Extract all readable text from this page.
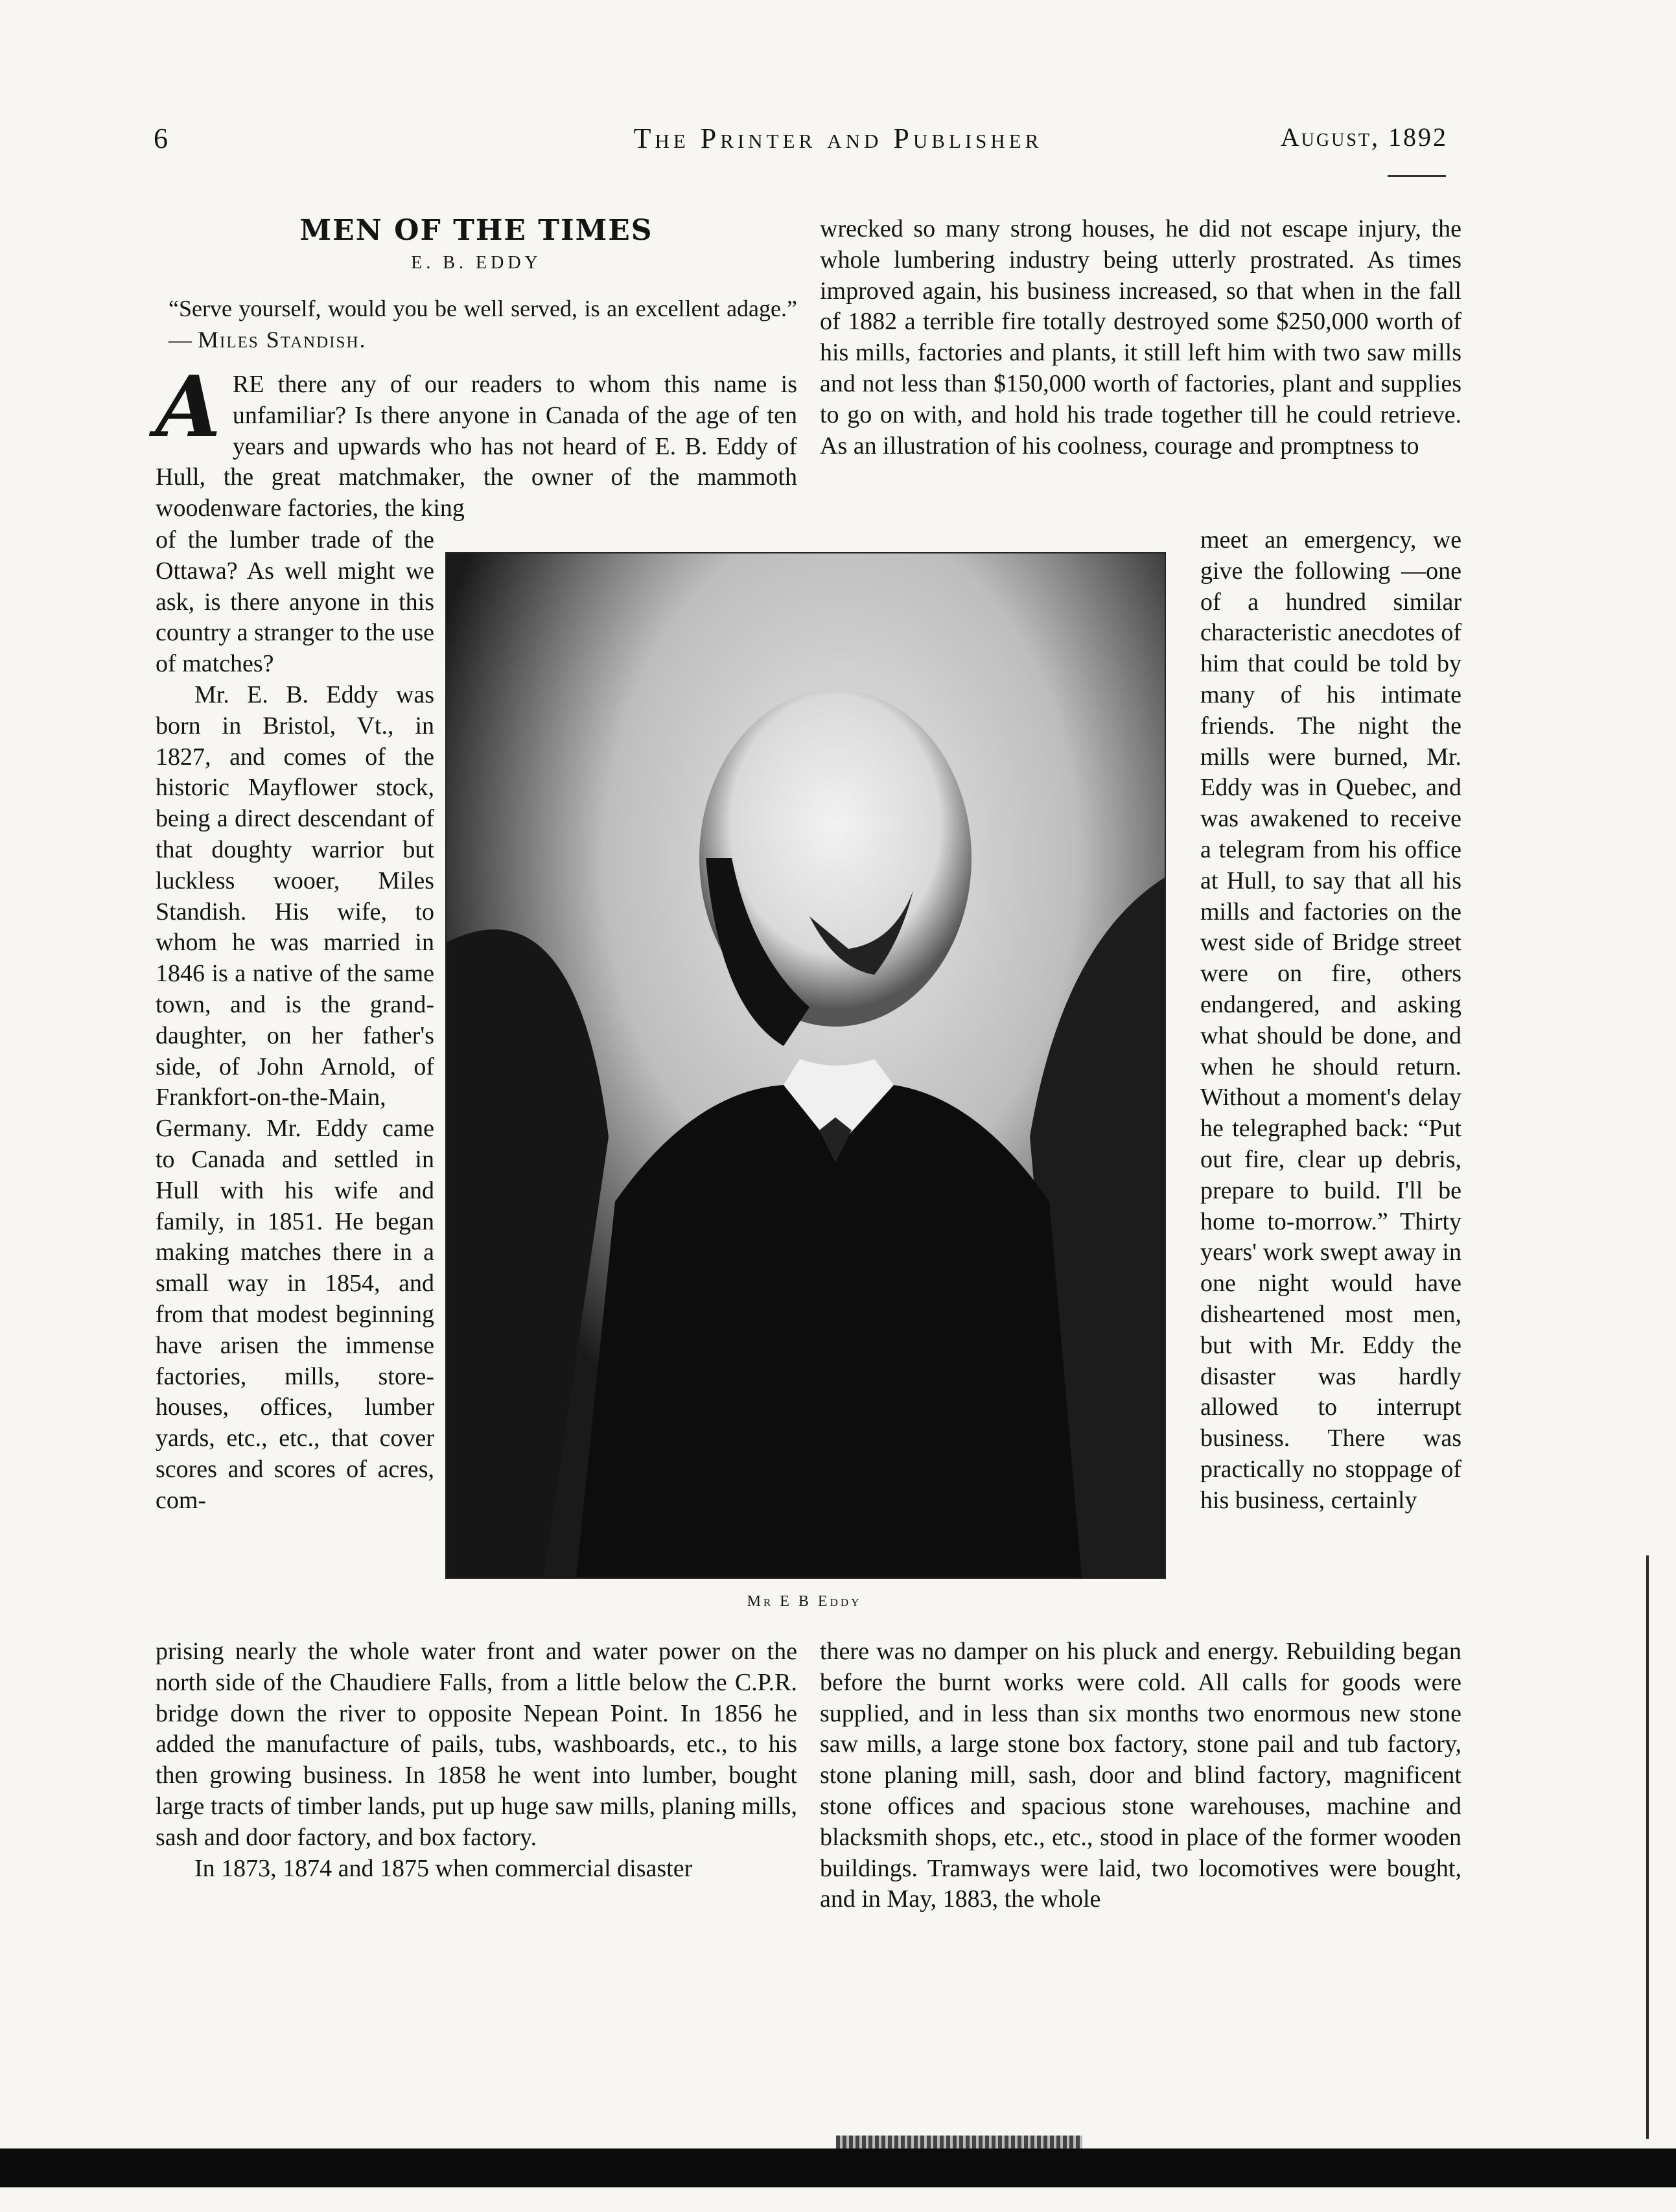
6	The Printer and Publisher	August, 1892
MEN OF THE TIMES
E. B. EDDY
“Serve yourself, would you be well served, is an excellent adage.” — Miles Standish.
A RE there any of our readers to whom this name is unfamiliar? Is there anyone in Canada of the age of ten years and upwards who has not heard of E. B. Eddy of Hull, the great matchmaker, the owner of the mammoth woodenware factories, the king

of the lumber trade of the Ottawa? As well might we ask, is there anyone in this country a stranger to the use of matches?

Mr. E. B. Eddy was born in Bristol, Vt., in 1827, and comes of the historic Mayflower stock, being a direct descendant of that doughty warrior but luckless wooer, Miles Standish. His wife, to whom he was married in 1846 is a native of the same town, and is the grand-daughter, on her father's side, of John Arnold, of Frankfort-on-the-Main, Germany. Mr. Eddy came to Canada and settled in Hull with his wife and family, in 1851. He began making matches there in a small way in 1854, and from that modest beginning have arisen the immense factories, mills, store-houses, offices, lumber yards, etc., etc., that cover scores and scores of acres, com-

prising nearly the whole water front and water power on the north side of the Chaudiere Falls, from a little below the C.P.R. bridge down the river to opposite Nepean Point. In 1856 he added the manufacture of pails, tubs, washboards, etc., to his then growing business. In 1858 he went into lumber, bought large tracts of timber lands, put up huge saw mills, planing mills, sash and door factory, and box factory.

In 1873, 1874 and 1875 when commercial disaster

wrecked so many strong houses, he did not escape injury, the whole lumbering industry being utterly prostrated. As times improved again, his business increased, so that when in the fall of 1882 a terrible fire totally destroyed some $250,000 worth of his mills, factories and plants, it still left him with two saw mills and not less than $150,000 worth of factories, plant and supplies to go on with, and hold his trade together till he could retrieve. As an illustration of his coolness, courage and promptness to

meet an emergency, we give the following —one of a hundred similar characteristic anecdotes of him that could be told by many of his intimate friends. The night the mills were burned, Mr. Eddy was in Quebec, and was awakened to receive a telegram from his office at Hull, to say that all his mills and factories on the west side of Bridge street were on fire, others endangered, and asking what should be done, and when he should return. Without a moment's delay he telegraphed back: “Put out fire, clear up debris, prepare to build. I'll be home to-morrow.” Thirty years' work swept away in one night would have disheartened most men, but with Mr. Eddy the disaster was hardly allowed to interrupt business. There was practically no stoppage of his business, certainly

there was no damper on his pluck and energy. Rebuilding began before the burnt works were cold. All calls for goods were supplied, and in less than six months two enormous new stone saw mills, a large stone box factory, stone pail and tub factory, stone planing mill, sash, door and blind factory, magnificent stone offices and spacious stone warehouses, machine and blacksmith shops, etc., etc., stood in place of the former wooden buildings. Tramways were laid, two locomotives were bought, and in May, 1883, the whole

Mr E B Eddy
